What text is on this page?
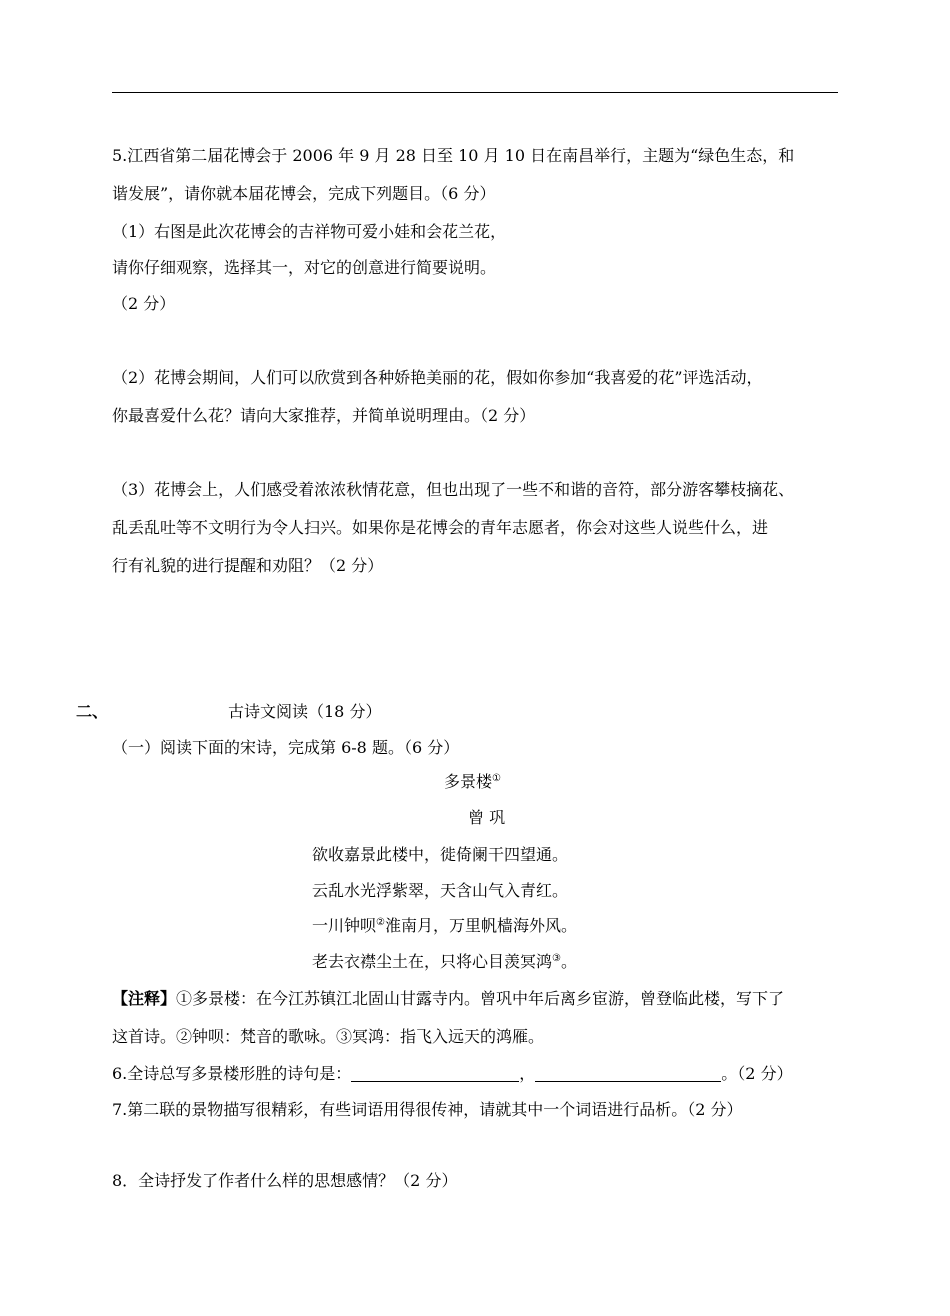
5.江西省第二届花博会于 2006 年 9 月 28 日至 10 月 10 日在南昌举行，主题为“绿色生态，和
谐发展”，请你就本届花博会，完成下列题目。（6 分）
（1）右图是此次花博会的吉祥物可爱小娃和会花兰花，
请你仔细观察，选择其一，对它的创意进行简要说明。
（2 分）
（2）花博会期间，人们可以欣赏到各种娇艳美丽的花，假如你参加“我喜爱的花”评选活动，
你最喜爱什么花？请向大家推荐，并简单说明理由。（2 分）
（3）花博会上，人们感受着浓浓秋情花意，但也出现了一些不和谐的音符，部分游客攀枝摘花、
乱丢乱吐等不文明行为令人扫兴。如果你是花博会的青年志愿者，你会对这些人说些什么，进
行有礼貌的进行提醒和劝阻？（2 分）
二、	古诗文阅读（18 分）
（一）阅读下面的宋诗，完成第 6-8 题。（6 分）
多景楼①
曾 巩
欲收嘉景此楼中，徙倚阑干四望通。
云乱水光浮紫翠，天含山气入青红。
一川钟呗②淮南月，万里帆樯海外风。
老去衣襟尘土在，只将心目羡冥鸿③。
【注释】①多景楼：在今江苏镇江北固山甘露寺内。曾巩中年后离乡宦游，曾登临此楼，写下了
这首诗。②钟呗：梵音的歌咏。③冥鸿：指飞入远天的鸿雁。
6.全诗总写多景楼形胜的诗句是：	，	。（2 分）
7.第二联的景物描写很精彩，有些词语用得很传神，请就其中一个词语进行品析。（2 分）
8．全诗抒发了作者什么样的思想感情？（2 分）
